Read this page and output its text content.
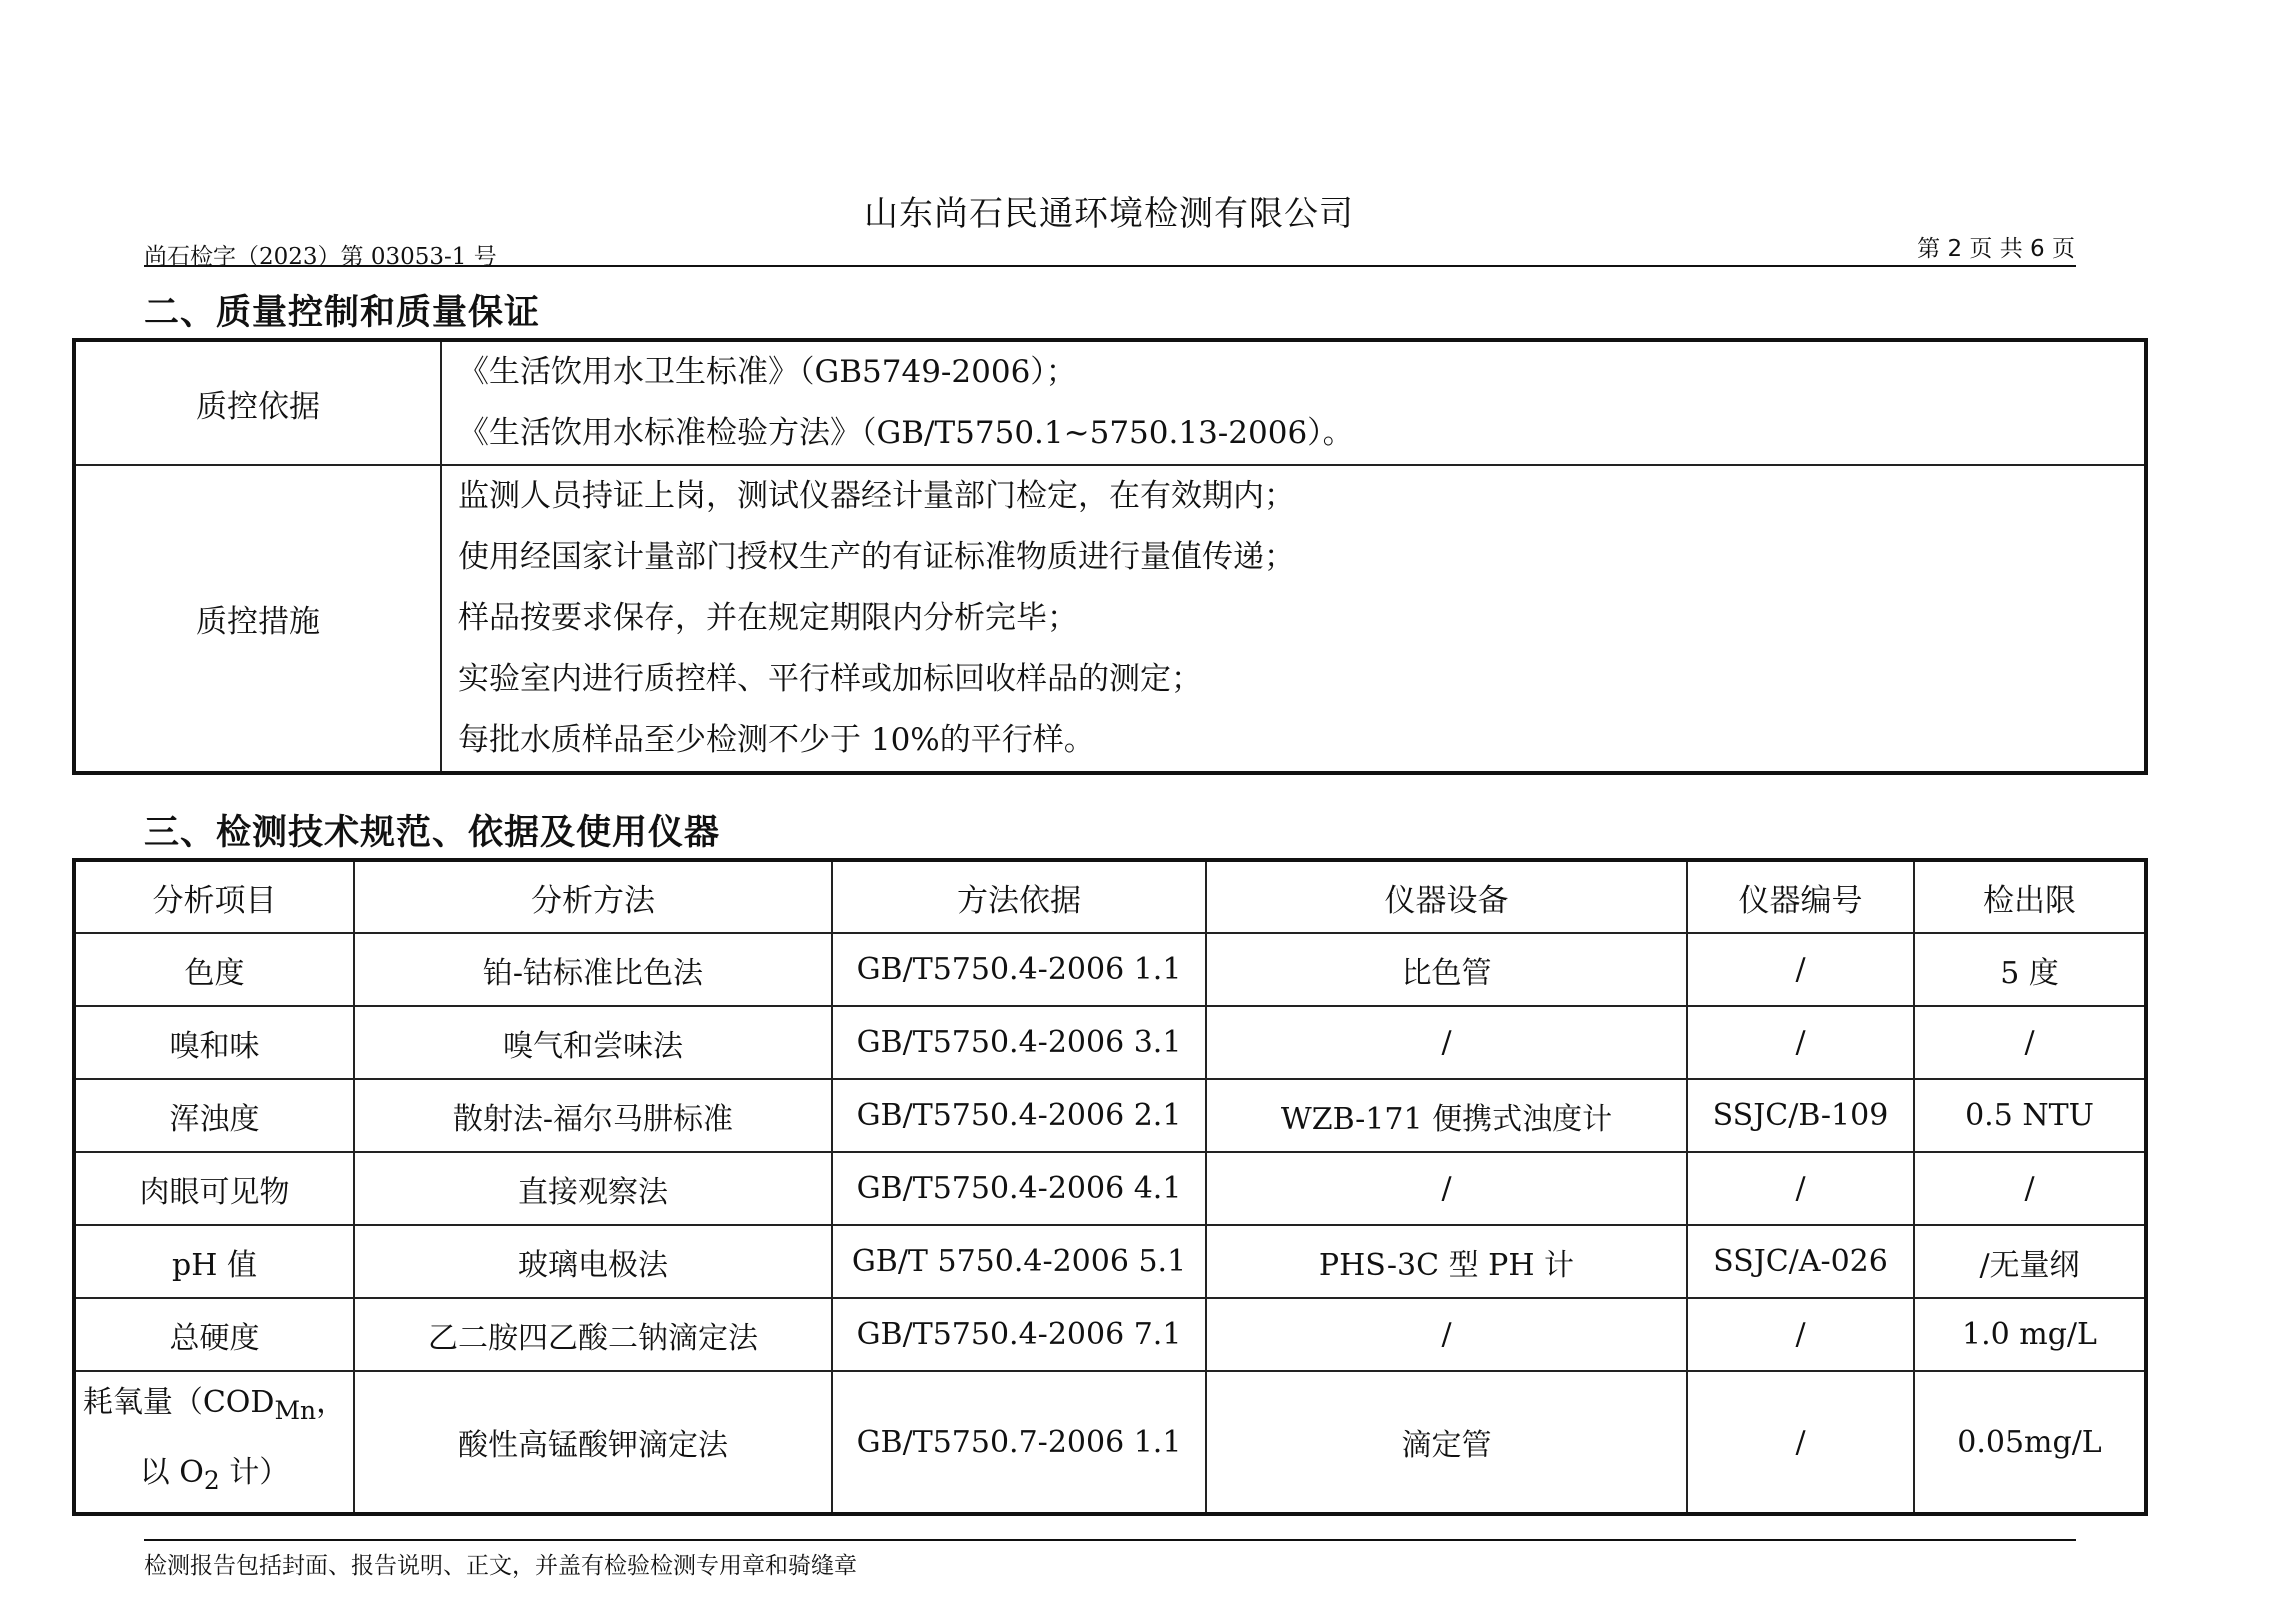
山东尚石民通环境检测有限公司
尚石检字（2023）第 03053-1 号	第 2 页 共 6 页
二、质量控制和质量保证
质控依据	《生活饮用水卫生标准》（GB5749-2006）；
《生活饮用水标准检验方法》（GB/T5750.1~5750.13-2006）。

质控措施	监测人员持证上岗，测试仪器经计量部门检定，在有效期内；
使用经国家计量部门授权生产的有证标准物质进行量值传递；
样品按要求保存，并在规定期限内分析完毕；
实验室内进行质控样、平行样或加标回收样品的测定；
每批水质样品至少检测不少于 10%的平行样。
三、检测技术规范、依据及使用仪器
分析项目	分析方法	方法依据	仪器设备	仪器编号	检出限
色度	铂-钴标准比色法	GB/T5750.4-2006 1.1	比色管	/	5 度
嗅和味	嗅气和尝味法	GB/T5750.4-2006 3.1	/	/	/
浑浊度	散射法-福尔马肼标准	GB/T5750.4-2006 2.1	WZB-171 便携式浊度计	SSJC/B-109	0.5 NTU
肉眼可见物	直接观察法	GB/T5750.4-2006 4.1	/	/	/
pH 值	玻璃电极法	GB/T 5750.4-2006 5.1	PHS-3C 型 PH 计	SSJC/A-026	/无量纲
总硬度	乙二胺四乙酸二钠滴定法	GB/T5750.4-2006 7.1	/	/	1.0 mg/L

耗氧量（$COD_{Mn}$，
以 $O_2$ 计）	酸性高锰酸钾滴定法	GB/T5750.7-2006 1.1	滴定管	/	0.05mg/L
检测报告包括封面、报告说明、正文，并盖有检验检测专用章和骑缝章
